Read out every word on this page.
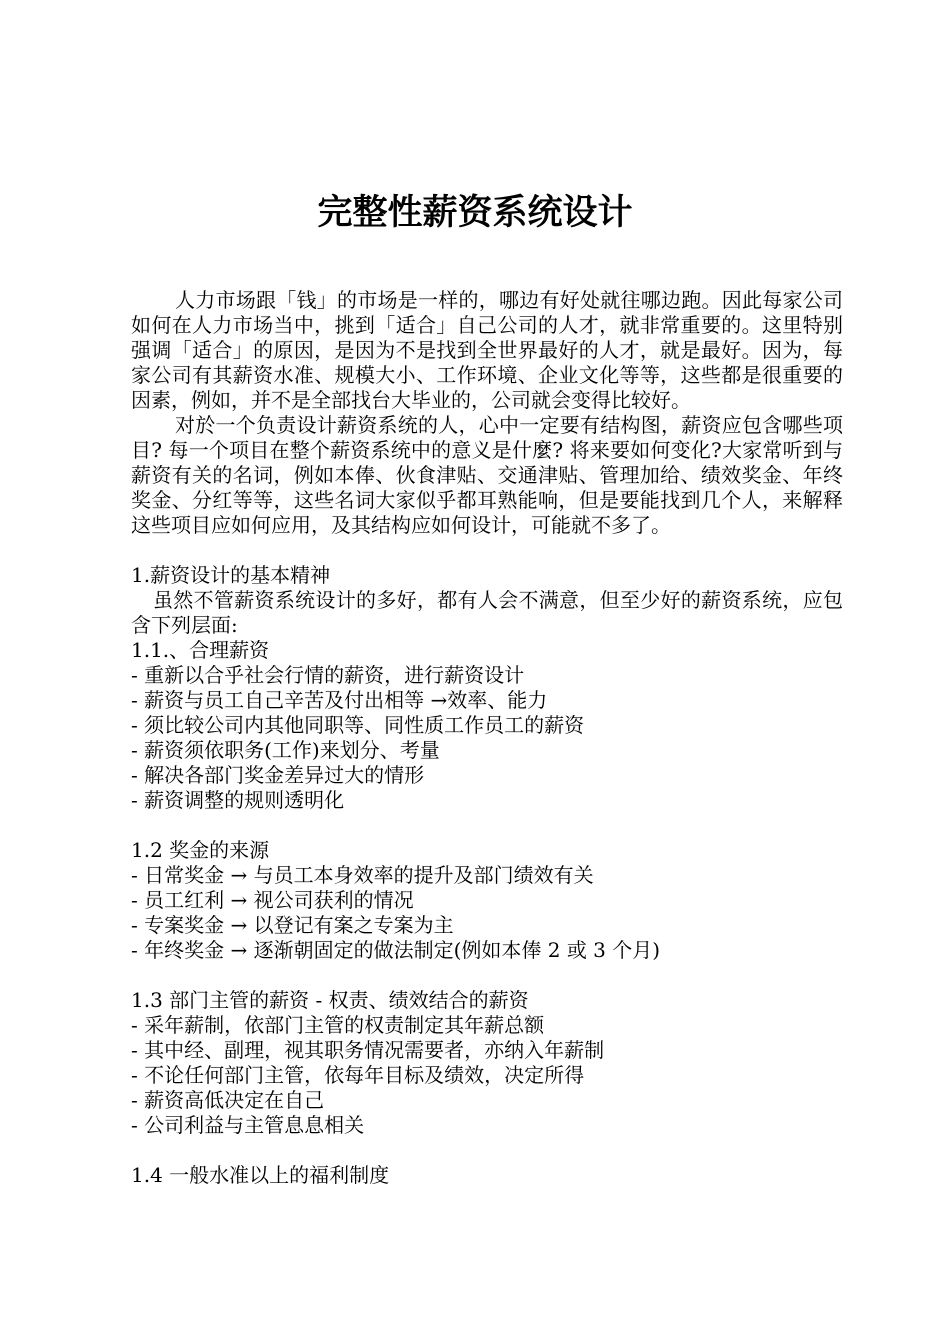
完整性薪资系统设计

人力市场跟「钱」的市场是一样的，哪边有好处就往哪边跑。因此每家公司如何在人力市场当中，挑到「适合」自己公司的人才，就非常重要的。这里特别强调「适合」的原因，是因为不是找到全世界最好的人才，就是最好。因为，每家公司有其薪资水准、规模大小、工作环境、企业文化等等，这些都是很重要的因素，例如，并不是全部找台大毕业的，公司就会变得比较好。

对於一个负责设计薪资系统的人，心中一定要有结构图，薪资应包含哪些项目? 每一个项目在整个薪资系统中的意义是什麼? 将来要如何变化?大家常听到与薪资有关的名词，例如本俸、伙食津贴、交通津贴、管理加给、绩效奖金、年终奖金、分红等等，这些名词大家似乎都耳熟能响，但是要能找到几个人，来解释这些项目应如何应用，及其结构应如何设计，可能就不多了。

1.薪资设计的基本精神

虽然不管薪资系统设计的多好，都有人会不满意，但至少好的薪资系统，应包含下列层面:

1.1.、合理薪资

- 重新以合乎社会行情的薪资，进行薪资设计

- 薪资与员工自己辛苦及付出相等 →效率、能力

- 须比较公司内其他同职等、同性质工作员工的薪资

- 薪资须依职务(工作)来划分、考量

- 解决各部门奖金差异过大的情形

- 薪资调整的规则透明化

1.2 奖金的来源

- 日常奖金 → 与员工本身效率的提升及部门绩效有关

- 员工红利 → 视公司获利的情况

- 专案奖金 → 以登记有案之专案为主

- 年终奖金 → 逐渐朝固定的做法制定(例如本俸 2 或 3 个月)

1.3 部门主管的薪资 - 权责、绩效结合的薪资

- 采年薪制，依部门主管的权责制定其年薪总额

- 其中经、副理，视其职务情况需要者，亦纳入年薪制

- 不论任何部门主管，依每年目标及绩效，决定所得

- 薪资高低决定在自己

- 公司利益与主管息息相关

1.4 一般水准以上的福利制度
